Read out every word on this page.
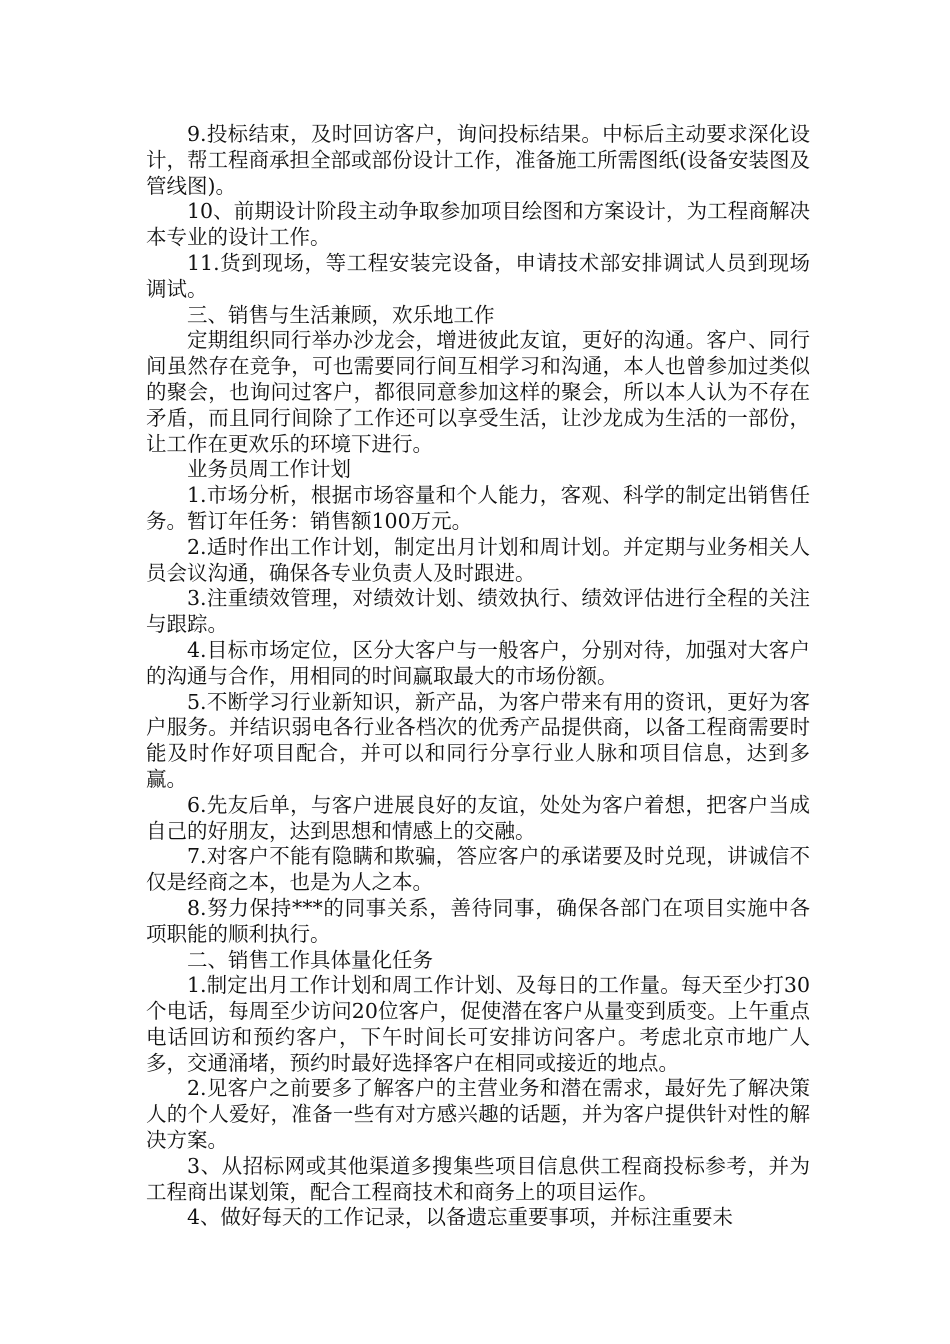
9.投标结束，及时回访客户，询问投标结果。中标后主动要求深化设计，帮工程商承担全部或部份设计工作，准备施工所需图纸(设备安装图及管线图)。

10、前期设计阶段主动争取参加项目绘图和方案设计，为工程商解决本专业的设计工作。

11.货到现场，等工程安装完设备，申请技术部安排调试人员到现场调试。

三、销售与生活兼顾，欢乐地工作

定期组织同行举办沙龙会，增进彼此友谊，更好的沟通。客户、同行间虽然存在竞争，可也需要同行间互相学习和沟通，本人也曾参加过类似的聚会，也询问过客户，都很同意参加这样的聚会，所以本人认为不存在矛盾，而且同行间除了工作还可以享受生活，让沙龙成为生活的一部份，让工作在更欢乐的环境下进行。

业务员周工作计划

1.市场分析，根据市场容量和个人能力，客观、科学的制定出销售任务。暂订年任务：销售额100万元。

2.适时作出工作计划，制定出月计划和周计划。并定期与业务相关人员会议沟通，确保各专业负责人及时跟进。

3.注重绩效管理，对绩效计划、绩效执行、绩效评估进行全程的关注与跟踪。

4.目标市场定位，区分大客户与一般客户，分别对待，加强对大客户的沟通与合作，用相同的时间赢取最大的市场份额。

5.不断学习行业新知识，新产品，为客户带来有用的资讯，更好为客户服务。并结识弱电各行业各档次的优秀产品提供商，以备工程商需要时能及时作好项目配合，并可以和同行分享行业人脉和项目信息，达到多赢。

6.先友后单，与客户进展良好的友谊，处处为客户着想，把客户当成自己的好朋友，达到思想和情感上的交融。

7.对客户不能有隐瞒和欺骗，答应客户的承诺要及时兑现，讲诚信不仅是经商之本，也是为人之本。

8.努力保持***的同事关系，善待同事，确保各部门在项目实施中各项职能的顺利执行。

二、销售工作具体量化任务

1.制定出月工作计划和周工作计划、及每日的工作量。每天至少打30个电话，每周至少访问20位客户，促使潜在客户从量变到质变。上午重点电话回访和预约客户，下午时间长可安排访问客户。考虑北京市地广人多，交通涌堵，预约时最好选择客户在相同或接近的地点。

2.见客户之前要多了解客户的主营业务和潜在需求，最好先了解决策人的个人爱好，准备一些有对方感兴趣的话题，并为客户提供针对性的解决方案。

3、从招标网或其他渠道多搜集些项目信息供工程商投标参考，并为工程商出谋划策，配合工程商技术和商务上的项目运作。

4、做好每天的工作记录，以备遗忘重要事项，并标注重要未
